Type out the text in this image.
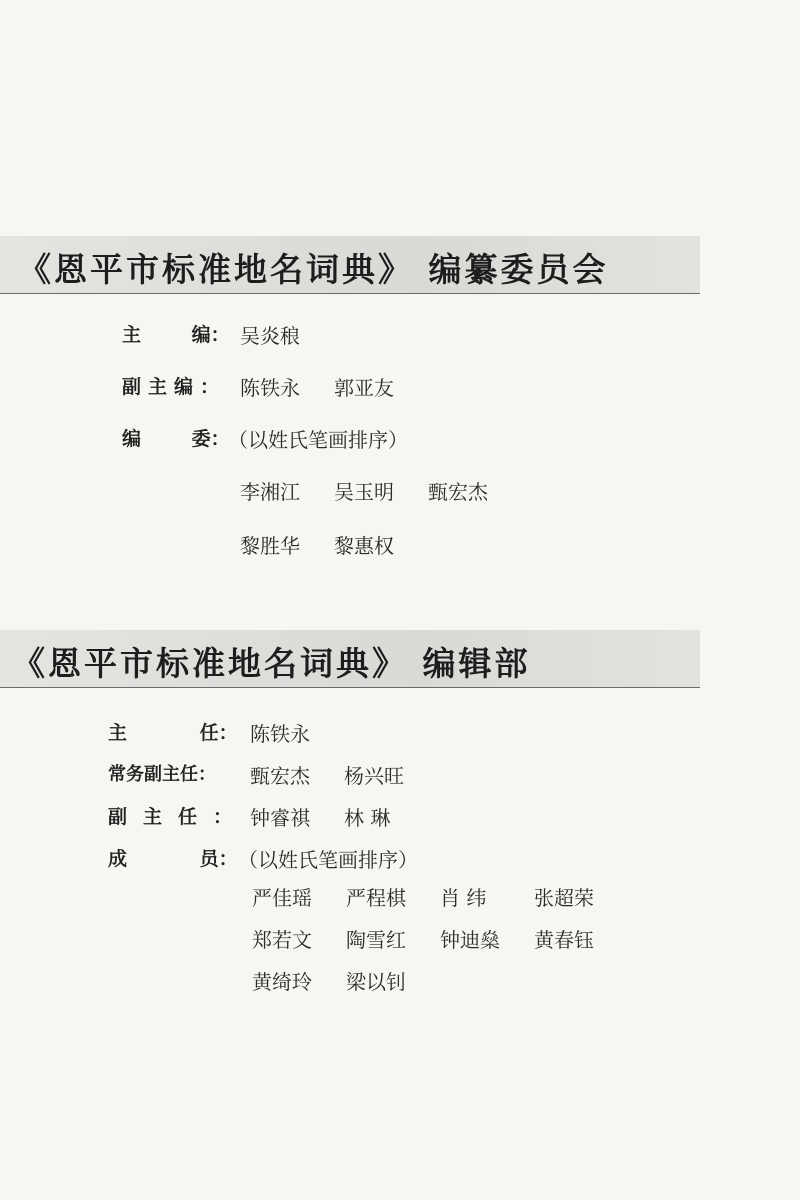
《恩平市标准地名词典》 编纂委员会
主 编： 吴炎稂
副主编： 陈铁永 郭亚友
编 委：
（以姓氏笔画排序）
李湘江 吴玉明 甄宏杰
黎胜华 黎惠权
《恩平市标准地名词典》 编辑部
主 任： 陈铁永
常务副主任： 甄宏杰 杨兴旺
副主任： 钟睿祺 林 琳
成 员： （以姓氏笔画排序）
严佳瑶 严程棋 肖 纬 张超荣
郑若文 陶雪红 钟迪燊 黄春钰
黄绮玲 梁以钊
